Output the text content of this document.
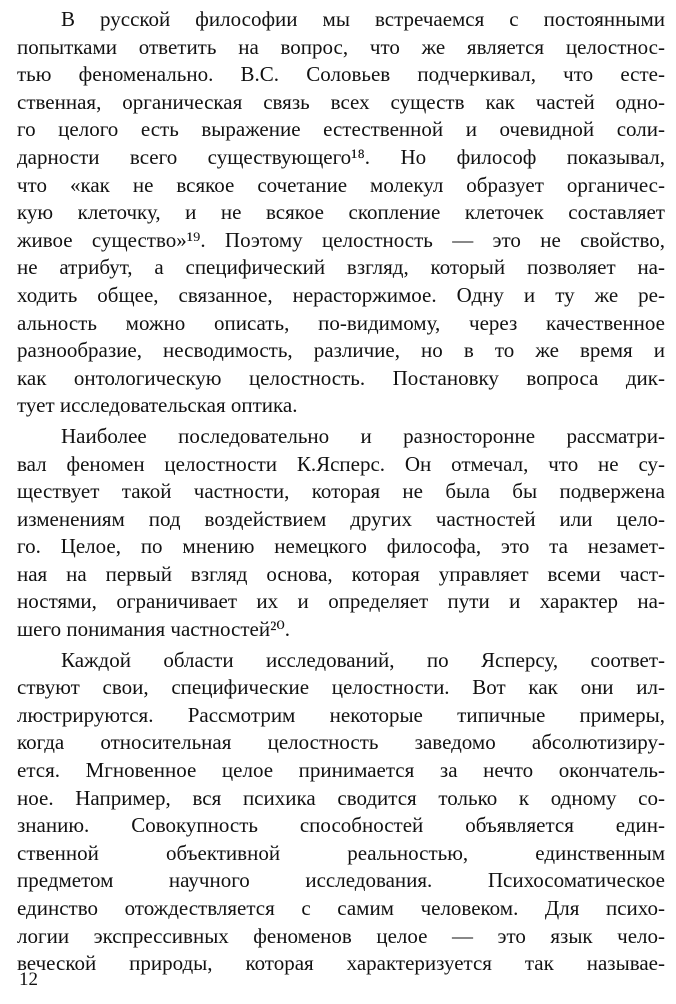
В русской философии мы встречаемся с постоянными
попытками ответить на вопрос, что же является целостнос-
тью феноменально. В.С. Соловьев подчеркивал, что есте-
ственная, органическая связь всех существ как частей одно-
го целого есть выражение естественной и очевидной соли-
дарности всего существующего¹⁸. Но философ показывал,
что «как не всякое сочетание молекул образует органичес-
кую клеточку, и не всякое скопление клеточек составляет
живое существо»¹⁹. Поэтому целостность — это не свойство,
не атрибут, а специфический взгляд, который позволяет на-
ходить общее, связанное, нерасторжимое. Одну и ту же ре-
альность можно описать, по-видимому, через качественное
разнообразие, несводимость, различие, но в то же время и
как онтологическую целостность. Постановку вопроса дик-
тует исследовательская оптика.
Наиболее последовательно и разносторонне рассматри-
вал феномен целостности К.Ясперс. Он отмечал, что не су-
ществует такой частности, которая не была бы подвержена
изменениям под воздействием других частностей или цело-
го. Целое, по мнению немецкого философа, это та незамет-
ная на первый взгляд основа, которая управляет всеми част-
ностями, ограничивает их и определяет пути и характер на-
шего понимания частностей²⁰.
Каждой области исследований, по Ясперсу, соответ-
ствуют свои, специфические целостности. Вот как они ил-
люстрируются. Рассмотрим некоторые типичные примеры,
когда относительная целостность заведомо абсолютизиру-
ется. Мгновенное целое принимается за нечто окончатель-
ное. Например, вся психика сводится только к одному со-
знанию. Совокупность способностей объявляется един-
ственной объективной реальностью, единственным
предметом научного исследования. Психосоматическое
единство отождествляется с самим человеком. Для психо-
логии экспрессивных феноменов целое — это язык чело-
веческой природы, которая характеризуется так называе-
12
